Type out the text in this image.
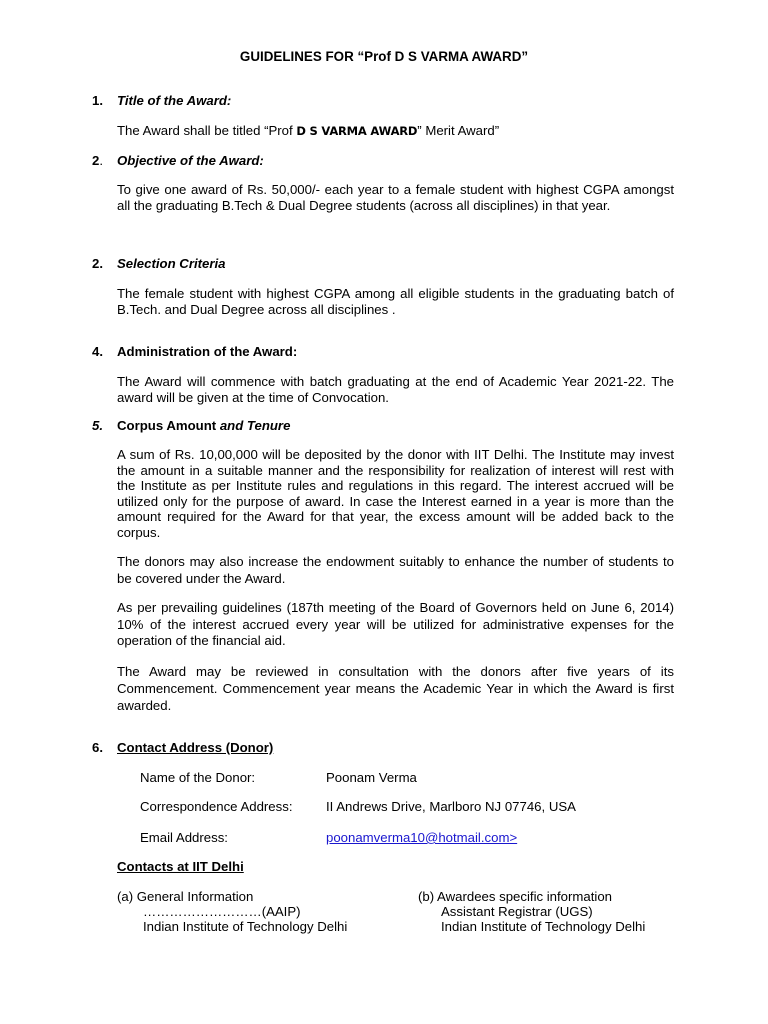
GUIDELINES FOR “Prof D S VARMA AWARD”
1.	Title of the Award:
The Award shall be titled “Prof D S VARMA AWARD” Merit Award”
2.	Objective of the Award:
To give one award of Rs. 50,000/- each year to a female student with highest CGPA amongst all the graduating B.Tech & Dual Degree students (across all disciplines) in that year.
2.	Selection Criteria
The female student with highest CGPA among all eligible students in the graduating batch of B.Tech. and Dual Degree across all disciplines .
4.	Administration of the Award:
The Award will commence with batch graduating at the end of Academic Year 2021-22. The award will be given at the time of Convocation.
5.	Corpus Amount and Tenure
A sum of Rs. 10,00,000 will be deposited by the donor with IIT Delhi. The Institute may invest the amount in a suitable manner and the responsibility for realization of interest will rest with the Institute as per Institute rules and regulations in this regard. The interest accrued will be utilized only for the purpose of award. In case the Interest earned in a year is more than the amount required for the Award for that year, the excess amount will be added back to the corpus.
The donors may also increase the endowment suitably to enhance the number of students to be covered under the Award.
As per prevailing guidelines (187th meeting of the Board of Governors held on June 6, 2014) 10% of the interest accrued every year will be utilized for administrative expenses for the operation of the financial aid.
The Award may be reviewed in consultation with the donors after five years of its Commencement. Commencement year means the Academic Year in which the Award is first awarded.
6.	Contact Address (Donor)
Name of the Donor:	Poonam Verma
Correspondence Address:	II Andrews Drive, Marlboro NJ 07746, USA
Email Address:	poonamverma10@hotmail.com>
Contacts at IIT Delhi
(a) General Information
………………………(AAIP)
Indian Institute of Technology Delhi
(b) Awardees specific information
Assistant Registrar (UGS)
Indian Institute of Technology Delhi
